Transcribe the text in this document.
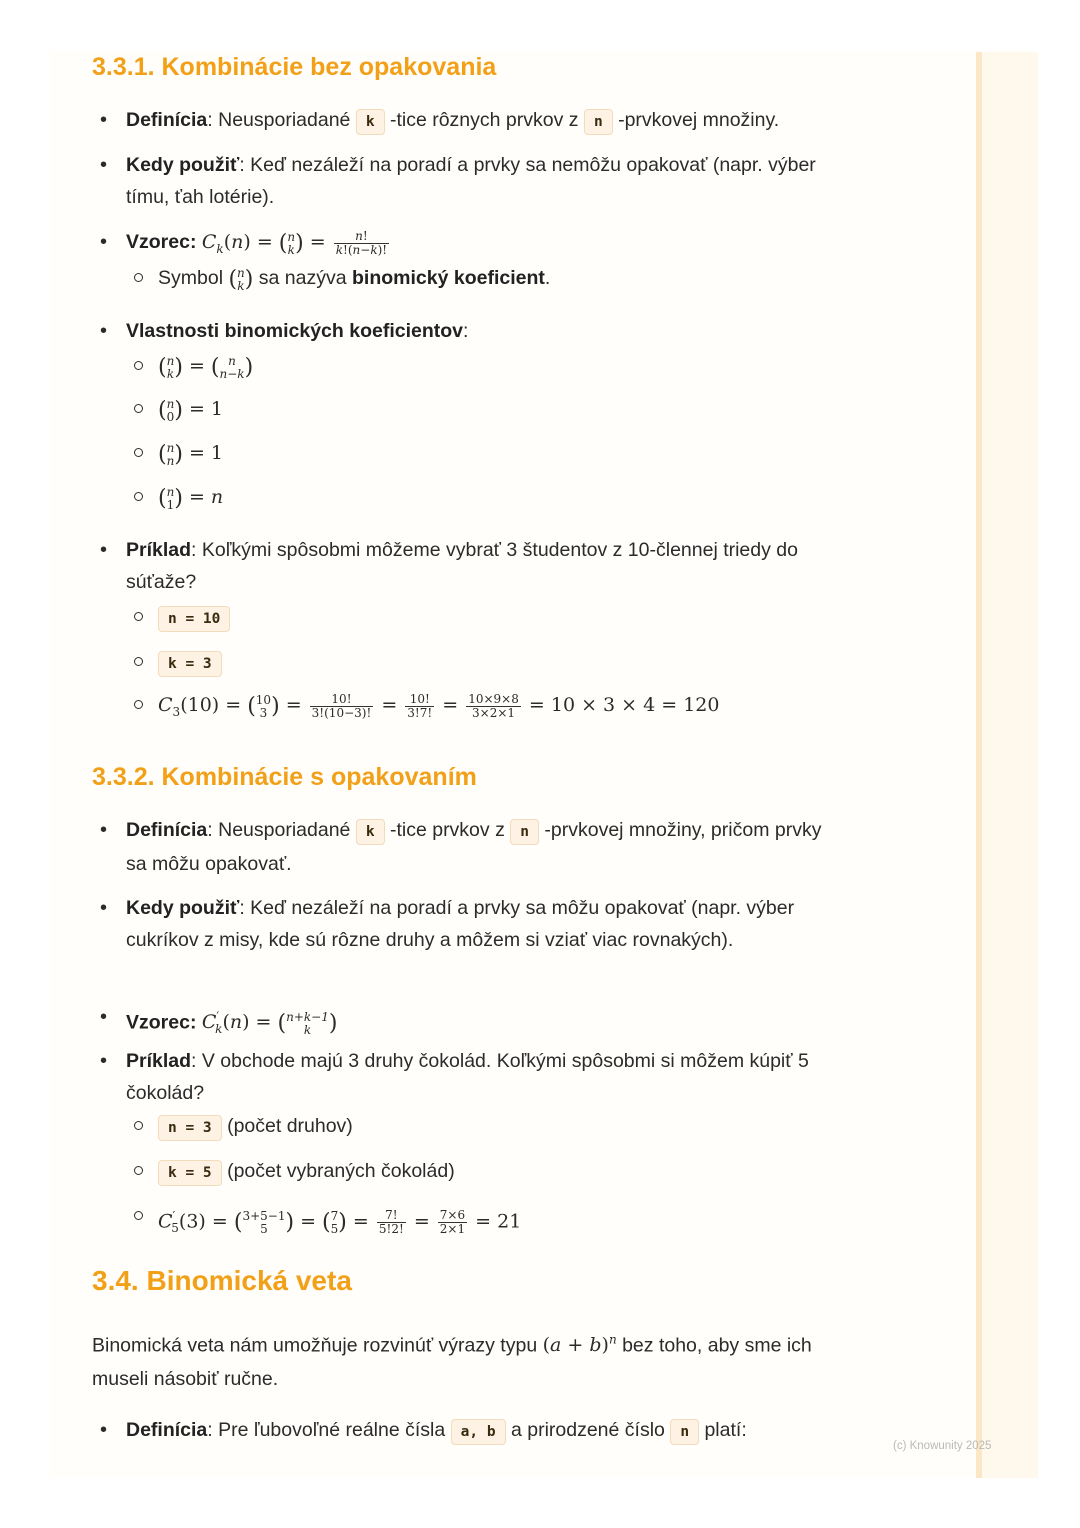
3.3.1. Kombinácie bez opakovania
• Definícia: Neusporiadané k -tice rôznych prvkov z n -prvkovej množiny.
• Kedy použiť: Keď nezáleží na poradí a prvky sa nemôžu opakovať (napr. výber tímu, ťah lotérie).
• Vzorec: $C_k(n)$ = ( n
k ) = $\frac{n!}{k!(n-k)!}$
Symbol ( n
k ) sa nazýva binomický koeficient.
• Vlastnosti binomických koeficientov:
( n
k ) = ( n
n−k )
( n
0 ) = 1
( n
n ) = 1
( n
1 ) = n
• Príklad: Koľkými spôsobmi môžeme vybrať 3 študentov z 10-člennej triedy do súťaže?
n = 10
k = 3
$C_3(10)$ = ( 10
3 ) = $\frac{10!}{3!(10-3)!} = \frac{10!}{3!7!} = \frac{10\times 9\times 8}{3\times 2\times 1} = 10 \times 3 \times 4 = 120$
3.3.2. Kombinácie s opakovaním
• Definícia: Neusporiadané k -tice prvkov z n -prvkovej množiny, pričom prvky sa môžu opakovať.
• Kedy použiť: Keď nezáleží na poradí a prvky sa môžu opakovať (napr. výber cukríkov z misy, kde sú rôzne druhy a môžem si vziať viac rovnakých).
• Vzorec: $C'_k(n)$ = ( n+k−1
k )
• Príklad: V obchode majú 3 druhy čokolád. Koľkými spôsobmi si môžem kúpiť 5 čokolád?
n = 3 (počet druhov)
k = 5 (počet vybraných čokolád)
$C'_5(3)$ = ( 3+5−1
5 ) = ( 7
5 ) = $\frac{7!}{5!2!} = \frac{7\times 6}{2\times 1} = 21$
3.4. Binomická veta
Binomická veta nám umožňuje rozvinúť výrazy typu $(a + b)^n$ bez toho, aby sme ich museli násobiť ručne.
• Definícia: Pre ľubovoľné reálne čísla a, b a prirodzené číslo n platí:
(c) Knowunity 2025
